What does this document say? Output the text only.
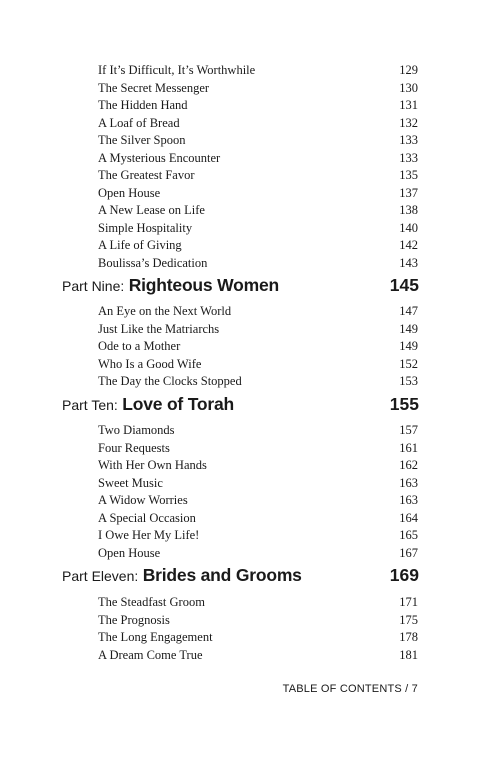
If It’s Difficult, It’s Worthwhile	129
The Secret Messenger	130
The Hidden Hand	131
A Loaf of Bread	132
The Silver Spoon	133
A Mysterious Encounter	133
The Greatest Favor	135
Open House	137
A New Lease on Life	138
Simple Hospitality	140
A Life of Giving	142
Boulissa’s Dedication	143
Part Nine: Righteous Women	145
An Eye on the Next World	147
Just Like the Matriarchs	149
Ode to a Mother	149
Who Is a Good Wife	152
The Day the Clocks Stopped	153
Part Ten: Love of Torah	155
Two Diamonds	157
Four Requests	161
With Her Own Hands	162
Sweet Music	163
A Widow Worries	163
A Special Occasion	164
I Owe Her My Life!	165
Open House	167
Part Eleven: Brides and Grooms	169
The Steadfast Groom	171
The Prognosis	175
The Long Engagement	178
A Dream Come True	181
TABLE OF CONTENTS / 7
